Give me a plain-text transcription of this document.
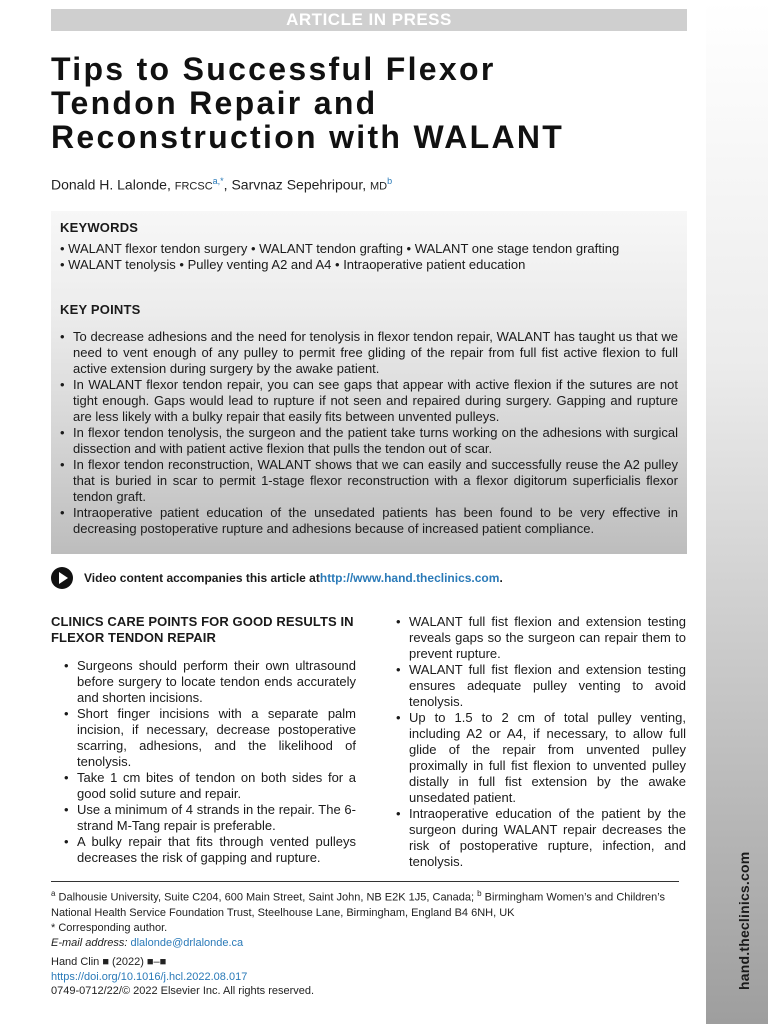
ARTICLE IN PRESS
hand.theclinics.com
Tips to Successful Flexor
Tendon Repair and
Reconstruction with WALANT
Donald H. Lalonde, $FRCSC^{a,*}$, Sarvnaz Sepehripour, $MD^b$
KEYWORDS
• WALANT flexor tendon surgery • WALANT tendon grafting • WALANT one stage tendon grafting
• WALANT tenolysis • Pulley venting A2 and A4 • Intraoperative patient education
KEY POINTS
• To decrease adhesions and the need for tenolysis in flexor tendon repair, WALANT has taught us that we need to vent enough of any pulley to permit free gliding of the repair from full fist active flexion to full active extension during surgery by the awake patient.
• In WALANT flexor tendon repair, you can see gaps that appear with active flexion if the sutures are not tight enough. Gaps would lead to rupture if not seen and repaired during surgery. Gapping and rupture are less likely with a bulky repair that easily fits between unvented pulleys.
• In flexor tendon tenolysis, the surgeon and the patient take turns working on the adhesions with surgical dissection and with patient active flexion that pulls the tendon out of scar.
• In flexor tendon reconstruction, WALANT shows that we can easily and successfully reuse the A2 pulley that is buried in scar to permit 1-stage flexor reconstruction with a flexor digitorum superficialis flexor tendon graft.
• Intraoperative patient education of the unsedated patients has been found to be very effective in decreasing postoperative rupture and adhesions because of increased patient compliance.
Video content accompanies this article at http://www.hand.theclinics.com .
CLINICS CARE POINTS FOR GOOD RESULTS IN
FLEXOR TENDON REPAIR
• Surgeons should perform their own ultrasound before surgery to locate tendon ends accurately and shorten incisions.
• Short finger incisions with a separate palm incision, if necessary, decrease postoperative scarring, adhesions, and the likelihood of tenolysis.
• Take 1 cm bites of tendon on both sides for a good solid suture and repair.
• Use a minimum of 4 strands in the repair. The 6-strand M-Tang repair is preferable.
• A bulky repair that fits through vented pulleys decreases the risk of gapping and rupture.
• WALANT full fist flexion and extension testing reveals gaps so the surgeon can repair them to prevent rupture.
• WALANT full fist flexion and extension testing ensures adequate pulley venting to avoid tenolysis.
• Up to 1.5 to 2 cm of total pulley venting, including A2 or A4, if necessary, to allow full glide of the repair from unvented pulley proximally in full fist flexion to unvented pulley distally in full fist extension by the awake unsedated patient.
• Intraoperative education of the patient by the surgeon during WALANT repair decreases the risk of postoperative rupture, infection, and tenolysis.
$^a$ Dalhousie University, Suite C204, 600 Main Street, Saint John, NB E2K 1J5, Canada; $^b$ Birmingham Women’s and Children’s National Health Service Foundation Trust, Steelhouse Lane, Birmingham, England B4 6NH, UK
* Corresponding author.
E-mail address: dlalonde@drlalonde.ca
Hand Clin ■ (2022) ■–■
https://doi.org/10.1016/j.hcl.2022.08.017
0749-0712/22/© 2022 Elsevier Inc. All rights reserved.
